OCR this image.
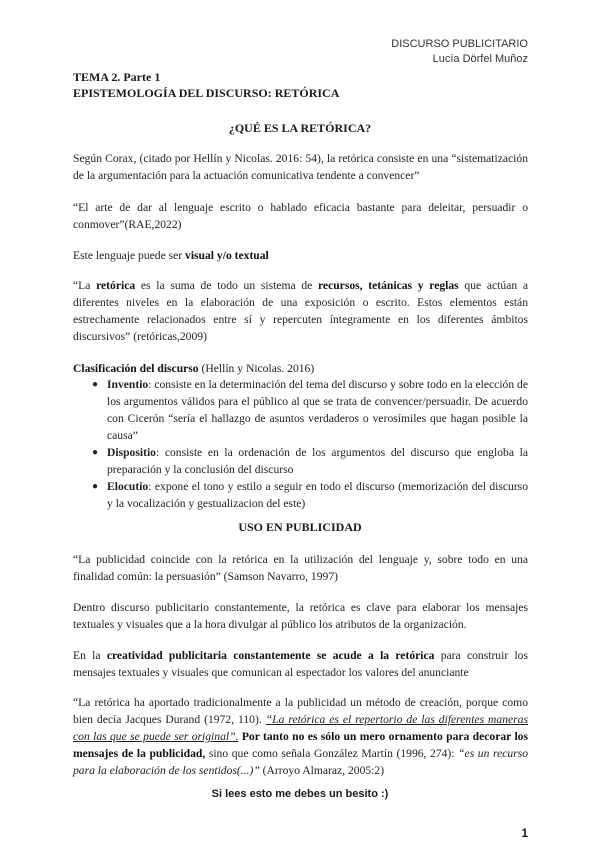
DISCURSO PUBLICITARIO
Lucía Dörfel Muñoz
TEMA 2. Parte 1
EPISTEMOLOGÍA DEL DISCURSO: RETÓRICA
¿QUÉ ES LA RETÓRICA?
Según Corax, (citado por Hellín y Nicolas. 2016: 54), la retórica consiste en una “sistematización de la argumentación para la actuación comunicativa tendente a convencer”
“El arte de dar al lenguaje escrito o hablado eficacia bastante para deleitar, persuadir o conmover”(RAE,2022)
Este lenguaje puede ser visual y/o textual
“La retórica es la suma de todo un sistema de recursos, tetánicas y reglas que actúan a diferentes niveles en la elaboración de una exposición o escrito. Estos elementos están estrechamente relacionados entre sí y repercuten íntegramente en los diferentes ámbitos discursivos” (retóricas,2009)
Clasificación del discurso (Hellín y Nicolas. 2016)
● Inventio: consiste en la determinación del tema del discurso y sobre todo en la elección de los argumentos válidos para el público al que se trata de convencer/persuadir. De acuerdo con Cicerón “sería el hallazgo de asuntos verdaderos o verosímiles que hagan posible la causa”
● Dispositio: consiste en la ordenación de los argumentos del discurso que engloba la preparación y la conclusión del discurso
● Elocutio: expone el tono y estilo a seguir en todo el discurso (memorización del discurso y la vocalización y gestualizacion del este)
USO EN PUBLICIDAD
“La publicidad coincide con la retórica en la utilización del lenguaje y, sobre todo en una finalidad común: la persuasión” (Samson Navarro, 1997)
Dentro discurso publicitario constantemente, la retórica es clave para elaborar los mensajes textuales y visuales que a la hora divulgar al público los atributos de la organización.
En la creatividad publicitaria constantemente se acude a la retórica para construir los mensajes textuales y visuales que comunican al espectador los valores del anunciante
“La retórica ha aportado tradicionalmente a la publicidad un método de creación, porque como bien decía Jacques Durand (1972, 110). “La retórica es el repertorio de las diferentes maneras con las que se puede ser original”. Por tanto no es sólo un mero ornamento para decorar los mensajes de la publicidad, sino que como señala González Martín (1996, 274): “es un recurso para la elaboración de los sentidos(...)” (Arroyo Almaraz, 2005:2)
Si lees esto me debes un besito :)
1
